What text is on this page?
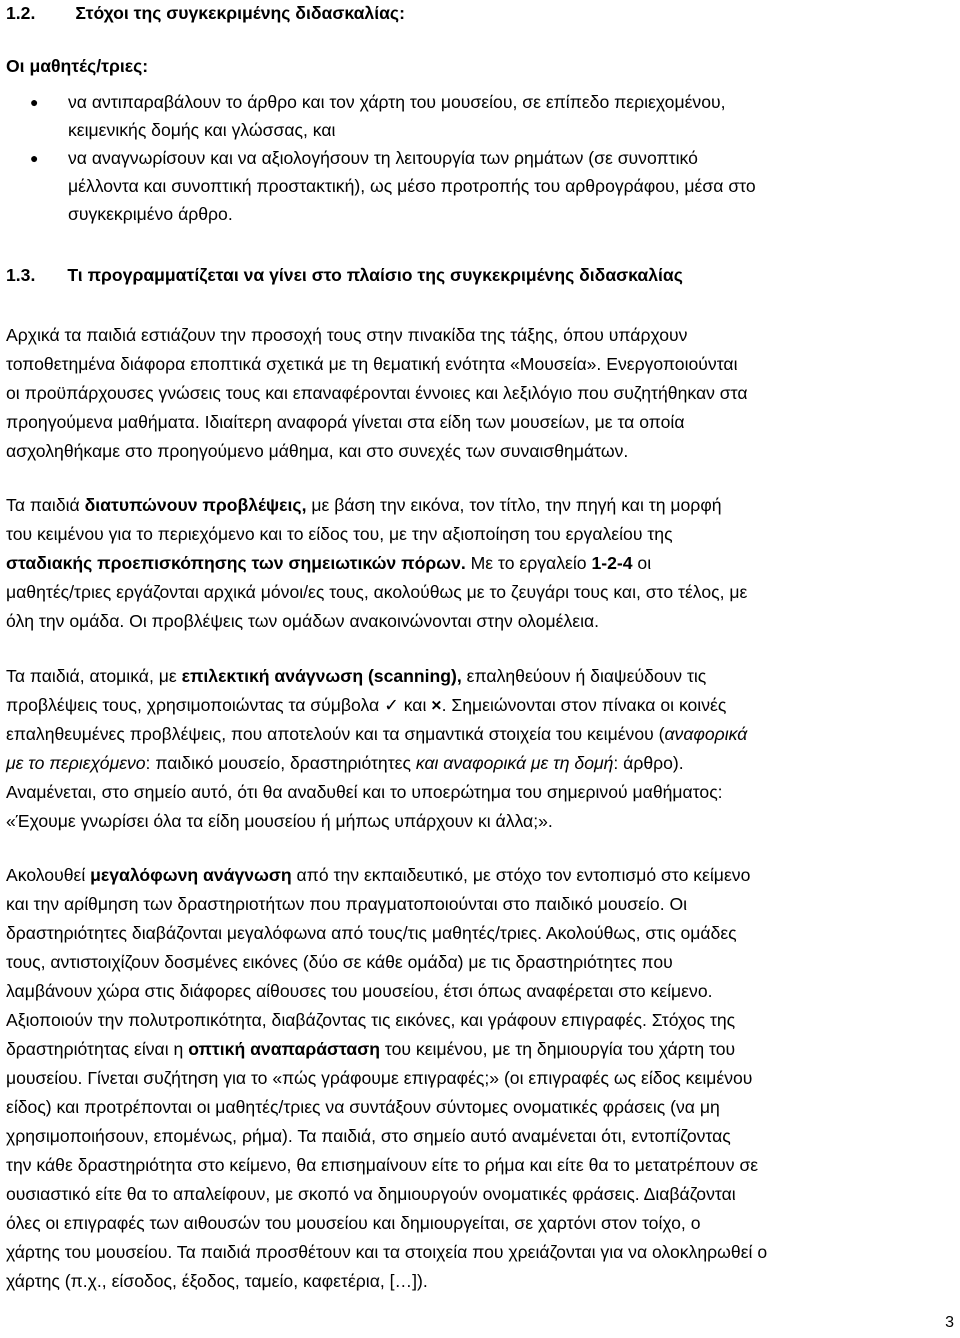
1.2. Στόχοι της συγκεκριμένης διδασκαλίας:
Οι μαθητές/τριες:
● να αντιπαραβάλουν το άρθρο και τον χάρτη του μουσείου, σε επίπεδο περιεχομένου,
κειμενικής δομής και γλώσσας, και
● να αναγνωρίσουν και να αξιολογήσουν τη λειτουργία των ρημάτων (σε συνοπτικό
μέλλοντα και συνοπτική προστακτική), ως μέσο προτροπής του αρθρογράφου, μέσα στο
συγκεκριμένο άρθρο.
1.3. Τι προγραμματίζεται να γίνει στο πλαίσιο της συγκεκριμένης διδασκαλίας
Αρχικά τα παιδιά εστιάζουν την προσοχή τους στην πινακίδα της τάξης, όπου υπάρχουν
τοποθετημένα διάφορα εποπτικά σχετικά με τη θεματική ενότητα «Μουσεία». Ενεργοποιούνται
οι προϋπάρχουσες γνώσεις τους και επαναφέρονται έννοιες και λεξιλόγιο που συζητήθηκαν στα
προηγούμενα μαθήματα. Ιδιαίτερη αναφορά γίνεται στα είδη των μουσείων, με τα οποία
ασχοληθήκαμε στο προηγούμενο μάθημα, και στο συνεχές των συναισθημάτων.
Τα παιδιά διατυπώνουν προβλέψεις, με βάση την εικόνα, τον τίτλο, την πηγή και τη μορφή
του κειμένου για το περιεχόμενο και το είδος του, με την αξιοποίηση του εργαλείου της
σταδιακής προεπισκόπησης των σημειωτικών πόρων. Με το εργαλείο 1-2-4 οι
μαθητές/τριες εργάζονται αρχικά μόνοι/ες τους, ακολούθως με το ζευγάρι τους και, στο τέλος, με
όλη την ομάδα. Οι προβλέψεις των ομάδων ανακοινώνονται στην ολομέλεια.
Τα παιδιά, ατομικά, με επιλεκτική ανάγνωση (scanning), επαληθεύουν ή διαψεύδουν τις
προβλέψεις τους, χρησιμοποιώντας τα σύμβολα ✓ και ×. Σημειώνονται στον πίνακα οι κοινές
επαληθευμένες προβλέψεις, που αποτελούν και τα σημαντικά στοιχεία του κειμένου (αναφορικά
με το περιεχόμενο: παιδικό μουσείο, δραστηριότητες και αναφορικά με τη δομή: άρθρο).
Αναμένεται, στο σημείο αυτό, ότι θα αναδυθεί και το υποερώτημα του σημερινού μαθήματος:
«Έχουμε γνωρίσει όλα τα είδη μουσείου ή μήπως υπάρχουν κι άλλα;».
Ακολουθεί μεγαλόφωνη ανάγνωση από την εκπαιδευτικό, με στόχο τον εντοπισμό στο κείμενο
και την αρίθμηση των δραστηριοτήτων που πραγματοποιούνται στο παιδικό μουσείο. Οι
δραστηριότητες διαβάζονται μεγαλόφωνα από τους/τις μαθητές/τριες. Ακολούθως, στις ομάδες
τους, αντιστοιχίζουν δοσμένες εικόνες (δύο σε κάθε ομάδα) με τις δραστηριότητες που
λαμβάνουν χώρα στις διάφορες αίθουσες του μουσείου, έτσι όπως αναφέρεται στο κείμενο.
Αξιοποιούν την πολυτροπικότητα, διαβάζοντας τις εικόνες, και γράφουν επιγραφές. Στόχος της
δραστηριότητας είναι η οπτική αναπαράσταση του κειμένου, με τη δημιουργία του χάρτη του
μουσείου. Γίνεται συζήτηση για το «πώς γράφουμε επιγραφές;» (οι επιγραφές ως είδος κειμένου
είδος) και προτρέπονται οι μαθητές/τριες να συντάξουν σύντομες ονοματικές φράσεις (να μη
χρησιμοποιήσουν, επομένως, ρήμα). Τα παιδιά, στο σημείο αυτό αναμένεται ότι, εντοπίζοντας
την κάθε δραστηριότητα στο κείμενο, θα επισημαίνουν είτε το ρήμα και είτε θα το μετατρέπουν σε
ουσιαστικό είτε θα το απαλείφουν, με σκοπό να δημιουργούν ονοματικές φράσεις. Διαβάζονται
όλες οι επιγραφές των αιθουσών του μουσείου και δημιουργείται, σε χαρτόνι στον τοίχο, ο
χάρτης του μουσείου. Τα παιδιά προσθέτουν και τα στοιχεία που χρειάζονται για να ολοκληρωθεί ο
χάρτης (π.χ., είσοδος, έξοδος, ταμείο, καφετέρια, […]).
3
